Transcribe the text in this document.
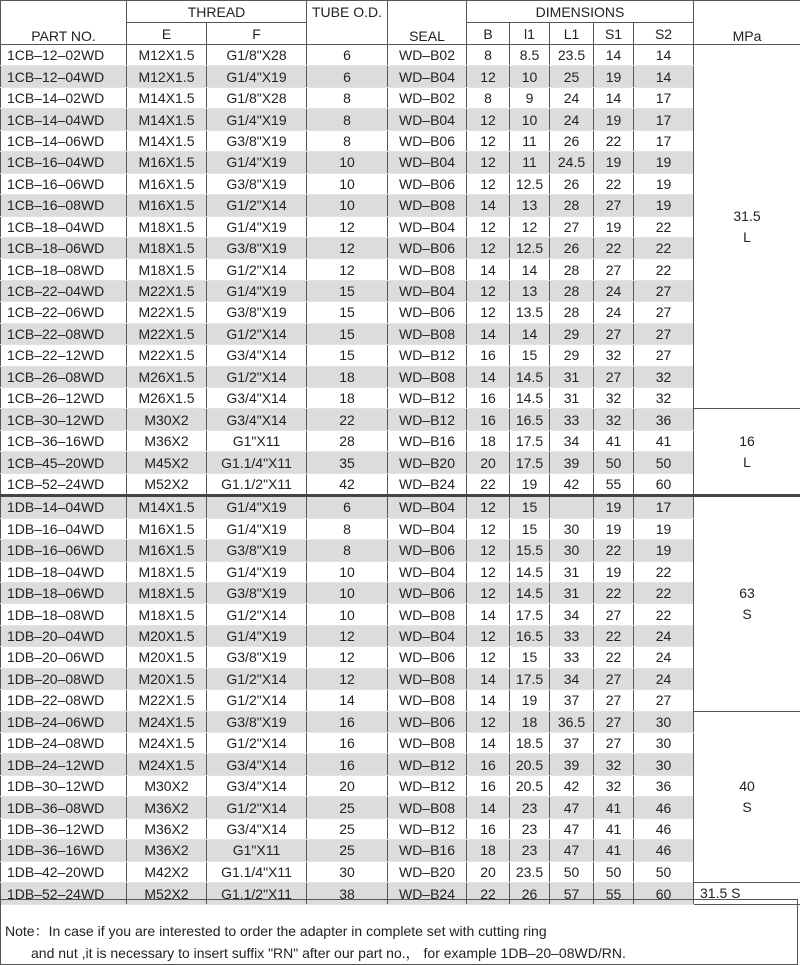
PART NO.	THREAD		TUBE O.D.	SEAL	DIMENSIONS					MPa
	E	F			B	l1	L1	S1	S2	
1CB–12–02WD	M12X1.5	G1/8"X28	6	WD–B02	8	8.5	23.5	14	14	31.5
L
1CB–12–04WD	M12X1.5	G1/4"X19	6	WD–B04	12	10	25	19	14	
1CB–14–02WD	M14X1.5	G1/8"X28	8	WD–B02	8	9	24	14	17	
1CB–14–04WD	M14X1.5	G1/4"X19	8	WD–B04	12	10	24	19	17	
1CB–14–06WD	M14X1.5	G3/8"X19	8	WD–B06	12	11	26	22	17	
1CB–16–04WD	M16X1.5	G1/4"X19	10	WD–B04	12	11	24.5	19	19	
1CB–16–06WD	M16X1.5	G3/8"X19	10	WD–B06	12	12.5	26	22	19	
1CB–16–08WD	M16X1.5	G1/2"X14	10	WD–B08	14	13	28	27	19	
1CB–18–04WD	M18X1.5	G1/4"X19	12	WD–B04	12	12	27	19	22	
1CB–18–06WD	M18X1.5	G3/8"X19	12	WD–B06	12	12.5	26	22	22	
1CB–18–08WD	M18X1.5	G1/2"X14	12	WD–B08	14	14	28	27	22	
1CB–22–04WD	M22X1.5	G1/4"X19	15	WD–B04	12	13	28	24	27	
1CB–22–06WD	M22X1.5	G3/8"X19	15	WD–B06	12	13.5	28	24	27	
1CB–22–08WD	M22X1.5	G1/2"X14	15	WD–B08	14	14	29	27	27	
1CB–22–12WD	M22X1.5	G3/4"X14	15	WD–B12	16	15	29	32	27	
1CB–26–08WD	M26X1.5	G1/2"X14	18	WD–B08	14	14.5	31	27	32	
1CB–26–12WD	M26X1.5	G3/4"X14	18	WD–B12	16	14.5	31	32	32	
1CB–30–12WD	M30X2	G3/4"X14	22	WD–B12	16	16.5	33	32	36	16
L
1CB–36–16WD	M36X2	G1"X11	28	WD–B16	18	17.5	34	41	41	
1CB–45–20WD	M45X2	G1.1/4"X11	35	WD–B20	20	17.5	39	50	50	
1CB–52–24WD	M52X2	G1.1/2"X11	42	WD–B24	22	19	42	55	60	
1DB–14–04WD	M14X1.5	G1/4"X19	6	WD–B04	12	15		19	17	63
S
1DB–16–04WD	M16X1.5	G1/4"X19	8	WD–B04	12	15	30	19	19	
1DB–16–06WD	M16X1.5	G3/8"X19	8	WD–B06	12	15.5	30	22	19	
1DB–18–04WD	M18X1.5	G1/4"X19	10	WD–B04	12	14.5	31	19	22	
1DB–18–06WD	M18X1.5	G3/8"X19	10	WD–B06	12	14.5	31	22	22	
1DB–18–08WD	M18X1.5	G1/2"X14	10	WD–B08	14	17.5	34	27	22	
1DB–20–04WD	M20X1.5	G1/4"X19	12	WD–B04	12	16.5	33	22	24	
1DB–20–06WD	M20X1.5	G3/8"X19	12	WD–B06	12	15	33	22	24	
1DB–20–08WD	M20X1.5	G1/2"X14	12	WD–B08	14	17.5	34	27	24	
1DB–22–08WD	M22X1.5	G1/2"X14	14	WD–B08	14	19	37	27	27	
1DB–24–06WD	M24X1.5	G3/8"X19	16	WD–B06	12	18	36.5	27	30	40
S
1DB–24–08WD	M24X1.5	G1/2"X14	16	WD–B08	14	18.5	37	27	30	
1DB–24–12WD	M24X1.5	G3/4"X14	16	WD–B12	16	20.5	39	32	30	
1DB–30–12WD	M30X2	G3/4"X14	20	WD–B12	16	20.5	42	32	36	
1DB–36–08WD	M36X2	G1/2"X14	25	WD–B08	14	23	47	41	46	
1DB–36–12WD	M36X2	G3/4"X14	25	WD–B12	16	23	47	41	46	
1DB–36–16WD	M36X2	G1"X11	25	WD–B16	18	23	47	41	46	
1DB–42–20WD	M42X2	G1.1/4"X11	30	WD–B20	20	23.5	50	50	50	
1DB–52–24WD	M52X2	G1.1/2"X11	38	WD–B24	22	26	57	55	60	31.5 S
Note：In case if you are interested to order the adapter in complete set with cutting ring
and nut ,it is necessary to insert suffix "RN" after our part no.， for example 1DB–20–08WD/RN.
